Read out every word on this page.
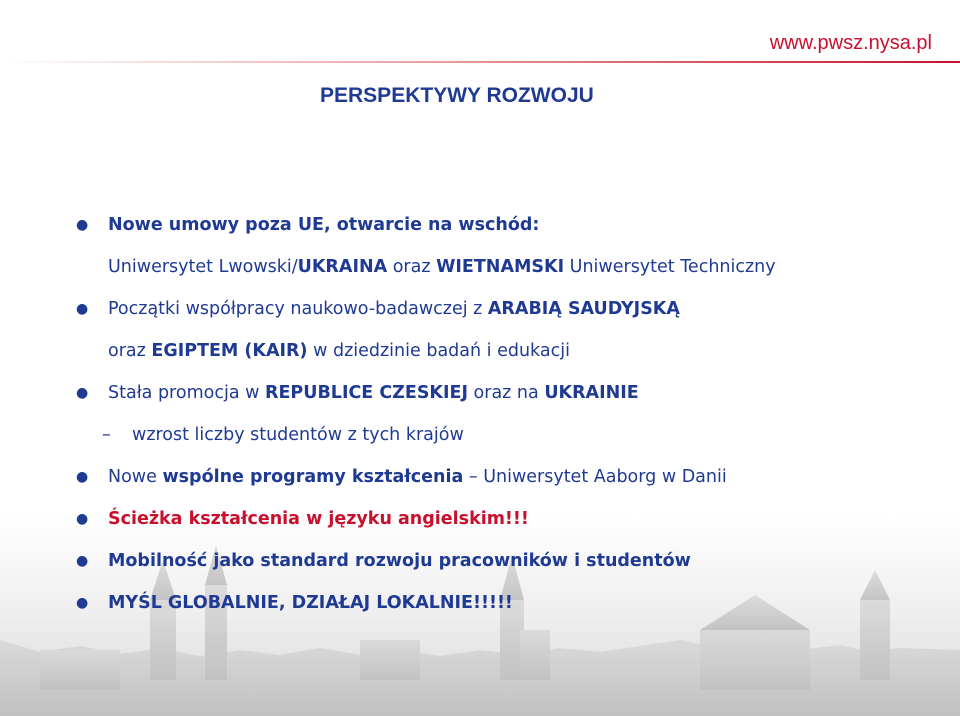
www.pwsz.nysa.pl
PERSPEKTYWY ROZWOJU
● Nowe umowy poza UE, otwarcie na wschód:
Uniwersytet Lwowski/UKRAINA oraz WIETNAMSKI Uniwersytet Techniczny
● Początki współpracy naukowo-badawczej z ARABIĄ SAUDYJSKĄ
oraz EGIPTEM (KAIR) w dziedzinie badań i edukacji
● Stała promocja w REPUBLICE CZESKIEJ oraz na UKRAINIE
– wzrost liczby studentów z tych krajów
● Nowe wspólne programy kształcenia – Uniwersytet Aaborg w Danii
● Ścieżka kształcenia w języku angielskim!!!
● Mobilność jako standard rozwoju pracowników i studentów
● MYŚL GLOBALNIE, DZIAŁAJ LOKALNIE!!!!!
